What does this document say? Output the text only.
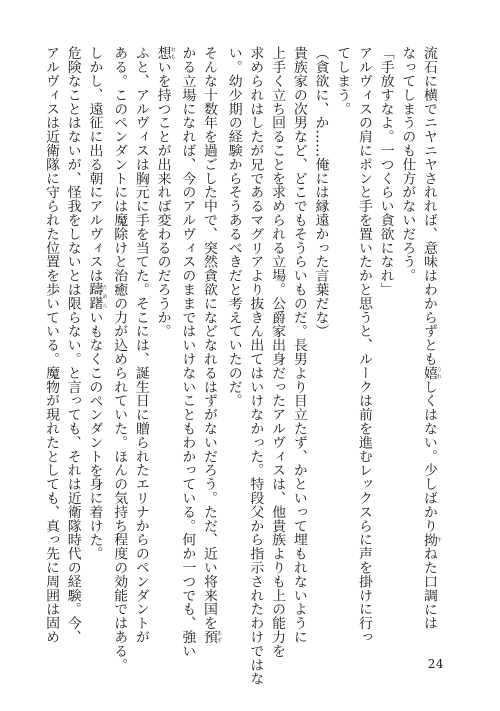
流石に横でニヤニヤされれば、意味はわからずとも嬉 うれしくはない。少しばかり拗 すねた口調には

なってしまうのも仕方がないだろう。

「手放すなよ。一つくらい貪欲になれ」

アルヴィスの肩にポンと手を置いたかと思うと、ルークは前を進むレックスらに声を掛けに行っ

てしまう。

（貪欲に、か……俺には縁遠かった言葉だな）

貴族家の次男など、どこでもそうらいものだ。長男より目立たず、かといって埋もれないように

上手く立ち回ることを求められる立場。公爵家出身だったアルヴィスは、他貴族よりも上の能力を

求められはしたが兄であるマグリアより抜きん出てはいけなかった。特段父から指示されたわけではな

い。幼少期の経験からそうあるべきだと考えていたのだ。

そんな十数年を過ごした中で、突然貪欲になどなれるはずがないだろう。ただ、近い将来国を預 あず

かる立場になれば、今のアルヴィスのままではいけないこともわかっている。何か一つでも、強い

想 おもいを持つことが出来れば変わるのだろうか。

ふと、アルヴィスは胸元に手を当てた。そこには、誕生日に贈られたエリナからのペンダントが

ある。このペンダントには魔除けと治癒の力が込められていた。ほんの気持ち程度の効能ではある。

しかし、遠征に出る朝にアルヴィスは躊躇 ためらいもなくこのペンダントを身に着けた。

危険なことはないが、怪我をしないとは限らない。と言っても、それは近衛隊時代の経験。今、

アルヴィスは近衛隊に守られた位置を歩いている。魔物が現れたとしても、真っ先に周囲は固め

24
